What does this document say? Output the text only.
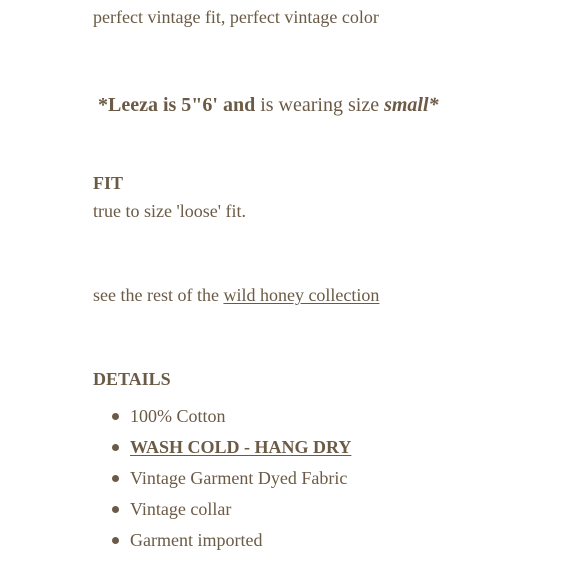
perfect vintage fit, perfect vintage color
*Leeza is 5"6' and is wearing size small*
FIT
true to size 'loose' fit.
see the rest of the wild honey collection
DETAILS
100% Cotton
WASH COLD - HANG DRY
Vintage Garment Dyed Fabric
Vintage collar
Garment imported
